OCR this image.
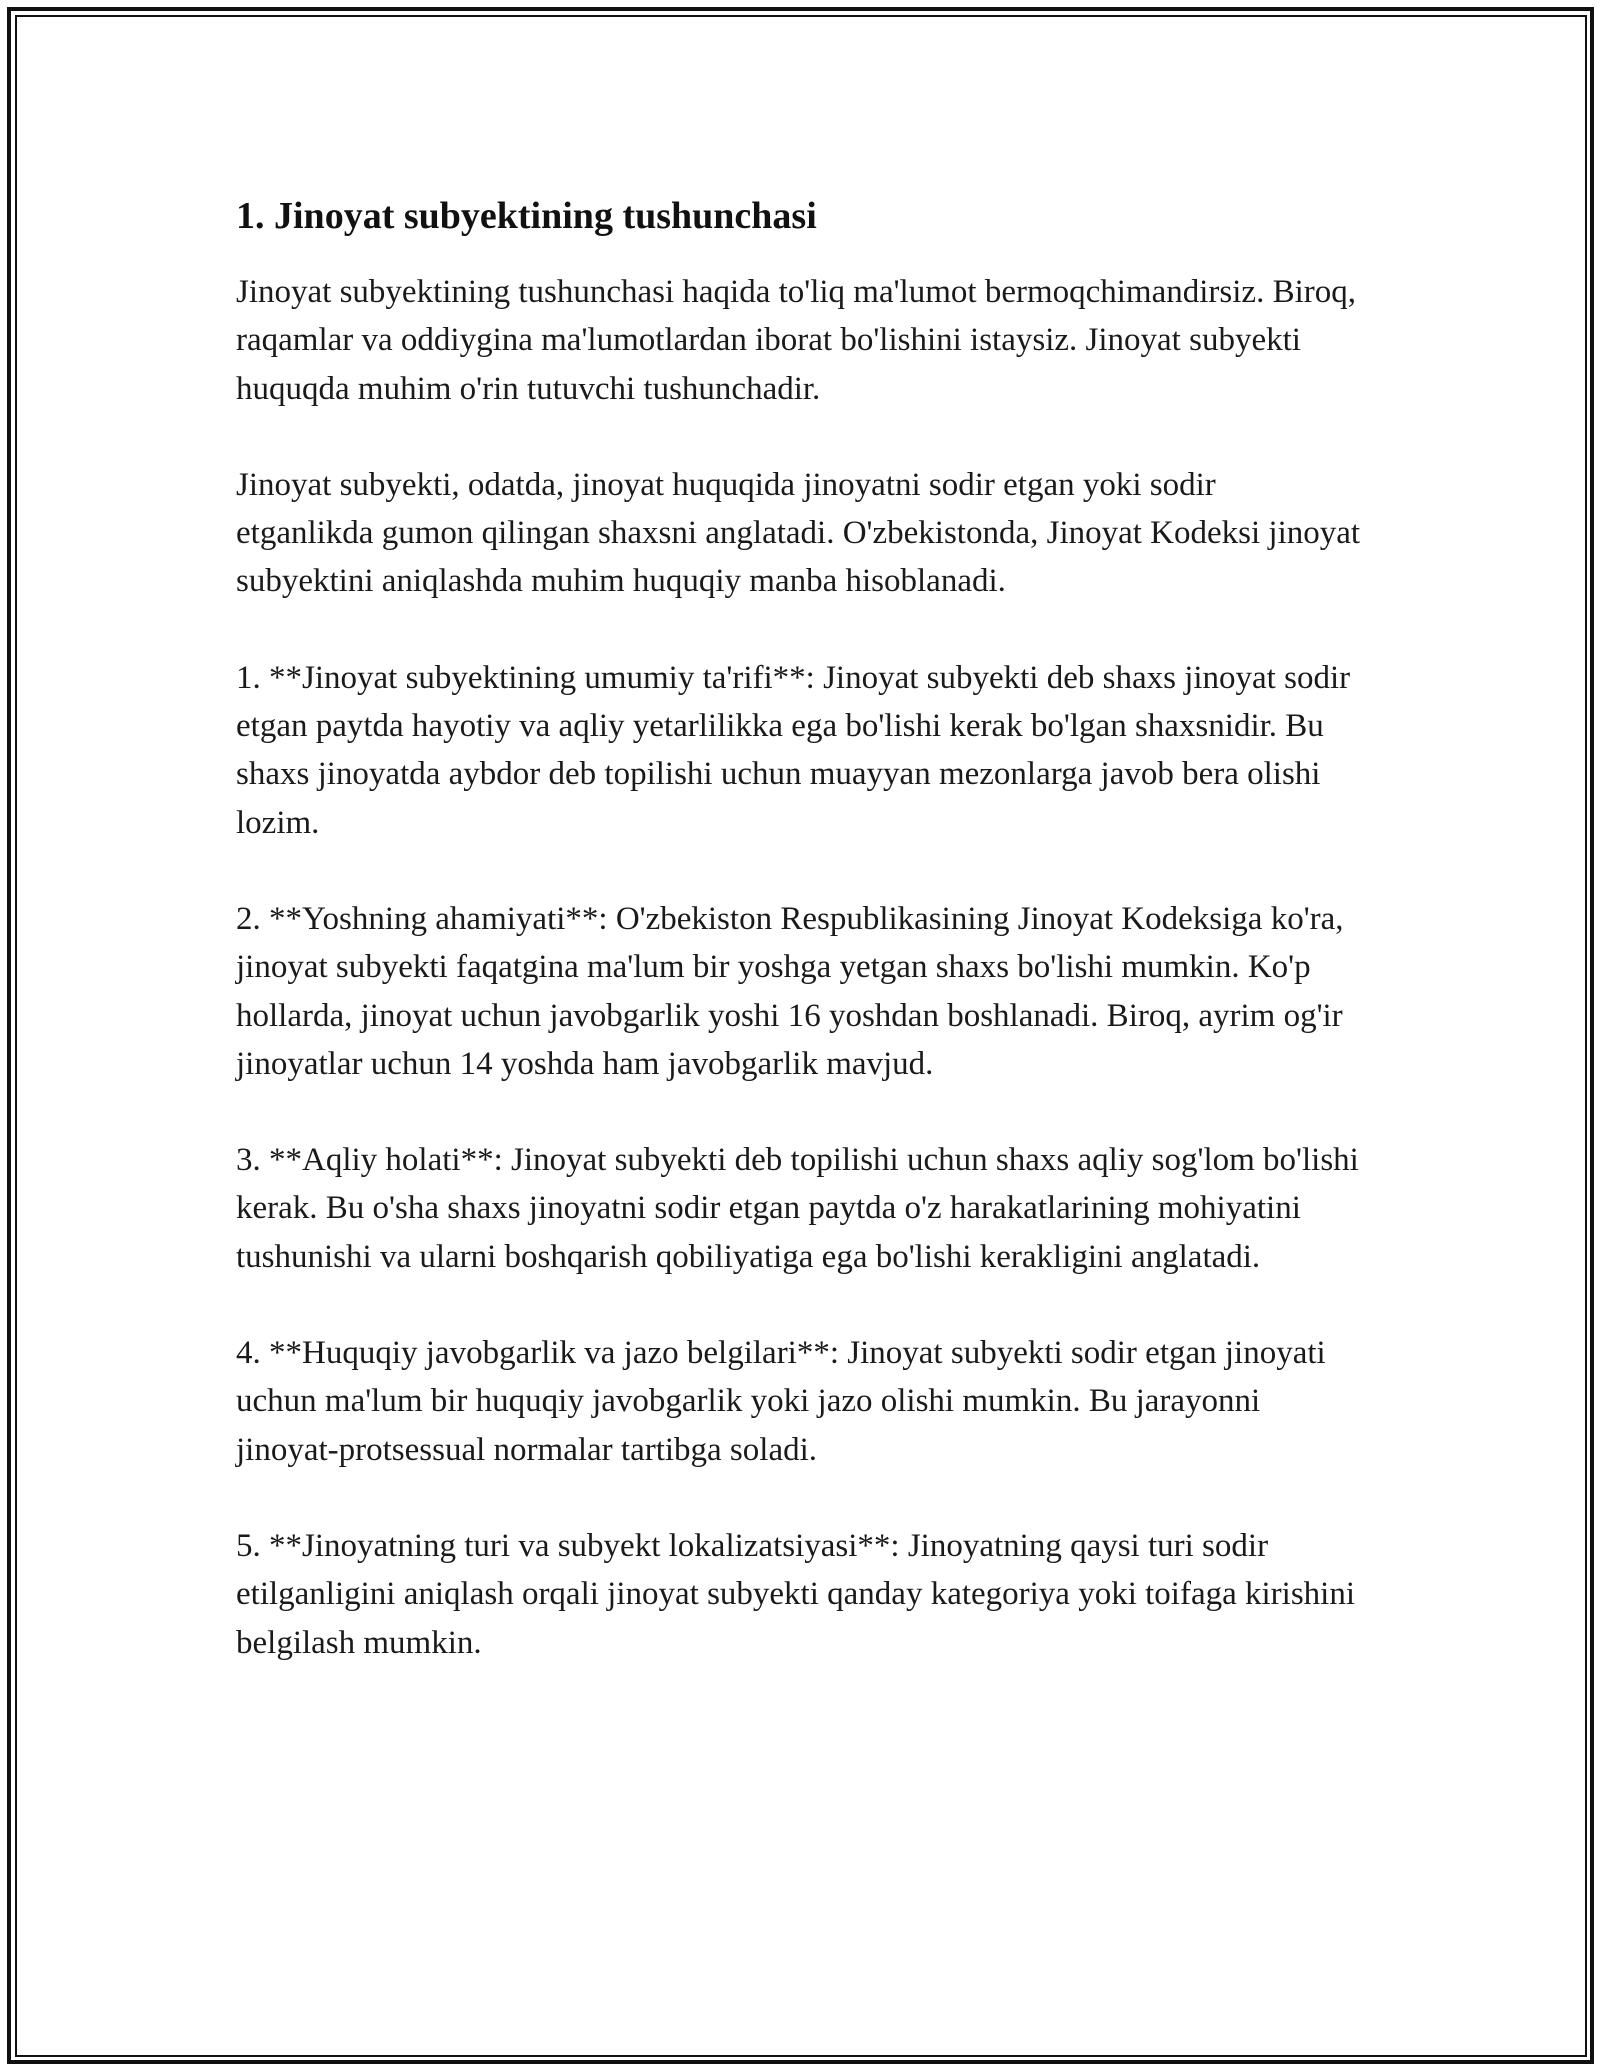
1. Jinoyat subyektining tushunchasi

Jinoyat subyektining tushunchasi haqida to'liq ma'lumot bermoqchimandirsiz. Biroq, raqamlar va oddiygina ma'lumotlardan iborat bo'lishini istaysiz. Jinoyat subyekti huquqda muhim o'rin tutuvchi tushunchadir.

Jinoyat subyekti, odatda, jinoyat huquqida jinoyatni sodir etgan yoki sodir etganlikda gumon qilingan shaxsni anglatadi. O'zbekistonda, Jinoyat Kodeksi jinoyat subyektini aniqlashda muhim huquqiy manba hisoblanadi.

1. **Jinoyat subyektining umumiy ta'rifi**: Jinoyat subyekti deb shaxs jinoyat sodir etgan paytda hayotiy va aqliy yetarlilikka ega bo'lishi kerak bo'lgan shaxsnidir. Bu shaxs jinoyatda aybdor deb topilishi uchun muayyan mezonlarga javob bera olishi lozim.

2. **Yoshning ahamiyati**: O'zbekiston Respublikasining Jinoyat Kodeksiga ko'ra, jinoyat subyekti faqatgina ma'lum bir yoshga yetgan shaxs bo'lishi mumkin. Ko'p hollarda, jinoyat uchun javobgarlik yoshi 16 yoshdan boshlanadi. Biroq, ayrim og'ir jinoyatlar uchun 14 yoshda ham javobgarlik mavjud.

3. **Aqliy holati**: Jinoyat subyekti deb topilishi uchun shaxs aqliy sog'lom bo'lishi kerak. Bu o'sha shaxs jinoyatni sodir etgan paytda o'z harakatlarining mohiyatini tushunishi va ularni boshqarish qobiliyatiga ega bo'lishi kerakligini anglatadi.

4. **Huquqiy javobgarlik va jazo belgilari**: Jinoyat subyekti sodir etgan jinoyati uchun ma'lum bir huquqiy javobgarlik yoki jazo olishi mumkin. Bu jarayonni jinoyat-protsessual normalar tartibga soladi.

5. **Jinoyatning turi va subyekt lokalizatsiyasi**: Jinoyatning qaysi turi sodir etilganligini aniqlash orqali jinoyat subyekti qanday kategoriya yoki toifaga kirishini belgilash mumkin.
